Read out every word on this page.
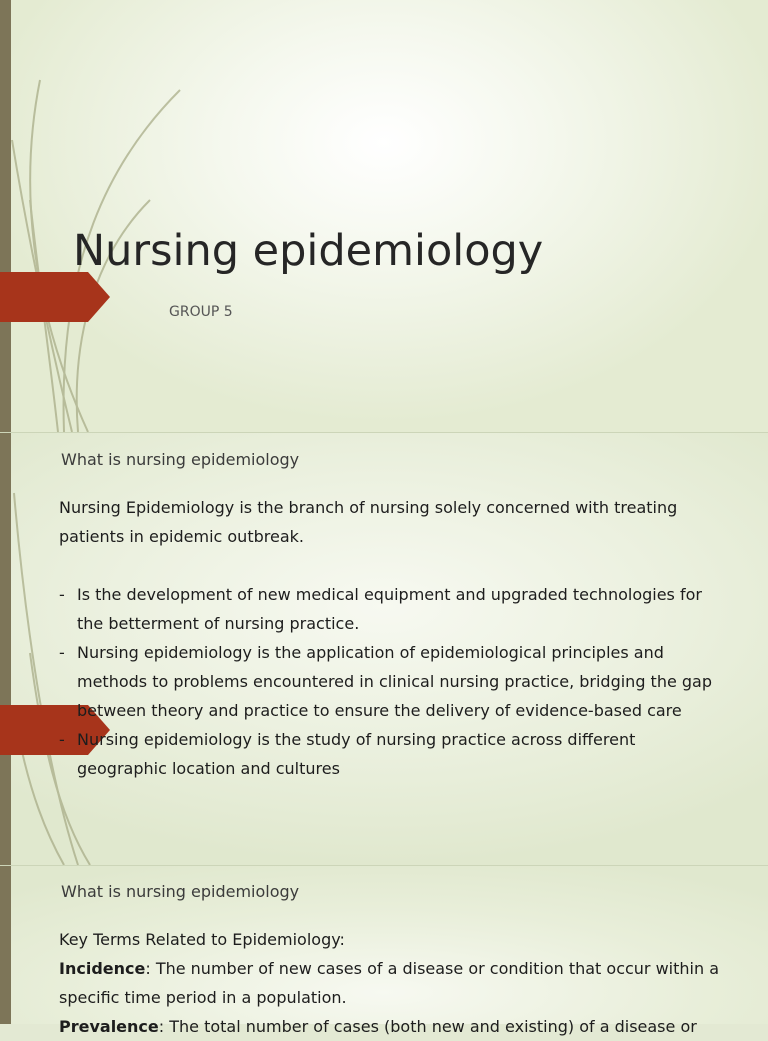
Nursing epidemiology
GROUP 5
What is nursing epidemiology

Nursing Epidemiology is the branch of nursing solely concerned with treating patients in epidemic outbreak.

- Is the development of new medical equipment and upgraded technologies for the betterment of nursing practice.
- Nursing epidemiology is the application of epidemiological principles and methods to problems encountered in clinical nursing practice, bridging the gap between theory and practice to ensure the delivery of evidence-based care
- Nursing epidemiology is the study of nursing practice across different geographic location and cultures
What is nursing epidemiology

Key Terms Related to Epidemiology:

Incidence: The number of new cases of a disease or condition that occur within a specific time period in a population.

Prevalence: The total number of cases (both new and existing) of a disease or
